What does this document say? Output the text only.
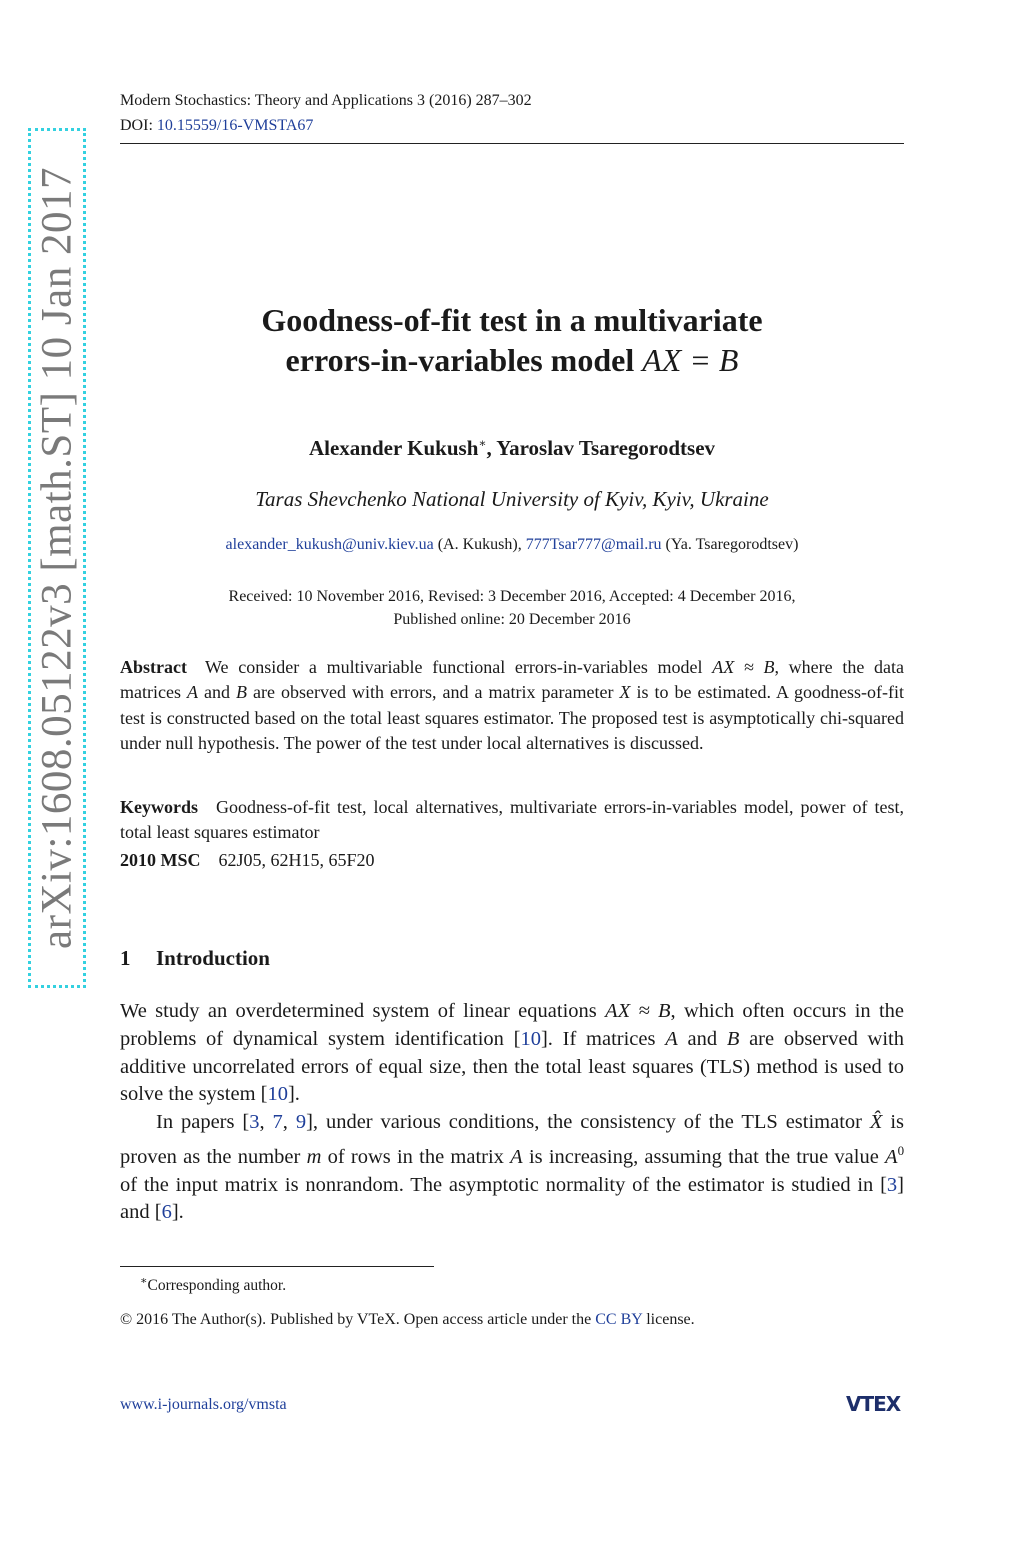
arXiv:1608.05122v3 [math.ST] 10 Jan 2017
Modern Stochastics: Theory and Applications 3 (2016) 287–302
DOI: 10.15559/16-VMSTA67
Goodness-of-fit test in a multivariate
errors-in-variables model AX = B
Alexander Kukush∗, Yaroslav Tsaregorodtsev
Taras Shevchenko National University of Kyiv, Kyiv, Ukraine
alexander_kukush@univ.kiev.ua (A. Kukush), 777Tsar777@mail.ru (Ya. Tsaregorodtsev)
Received: 10 November 2016, Revised: 3 December 2016, Accepted: 4 December 2016,
Published online: 20 December 2016
Abstract We consider a multivariable functional errors-in-variables model AX ≈ B, where the data matrices A and B are observed with errors, and a matrix parameter X is to be estimated. A goodness-of-fit test is constructed based on the total least squares estimator. The proposed test is asymptotically chi-squared under null hypothesis. The power of the test under local alternatives is discussed.
Keywords Goodness-of-fit test, local alternatives, multivariate errors-in-variables model, power of test, total least squares estimator
2010 MSC 62J05, 62H15, 65F20
1 Introduction

We study an overdetermined system of linear equations AX ≈ B, which often occurs in the problems of dynamical system identification [10]. If matrices A and B are observed with additive uncorrelated errors of equal size, then the total least squares (TLS) method is used to solve the system [10].

In papers [3, 7, 9], under various conditions, the consistency of the TLS estimator X̂ is proven as the number m of rows in the matrix A is increasing, assuming that the true value $A^0$ of the input matrix is nonrandom. The asymptotic normality of the estimator is studied in [3] and [6].

∗Corresponding author.
© 2016 The Author(s). Published by VTeX. Open access article under the CC BY license.
www.i-journals.org/vmsta	VTEX
